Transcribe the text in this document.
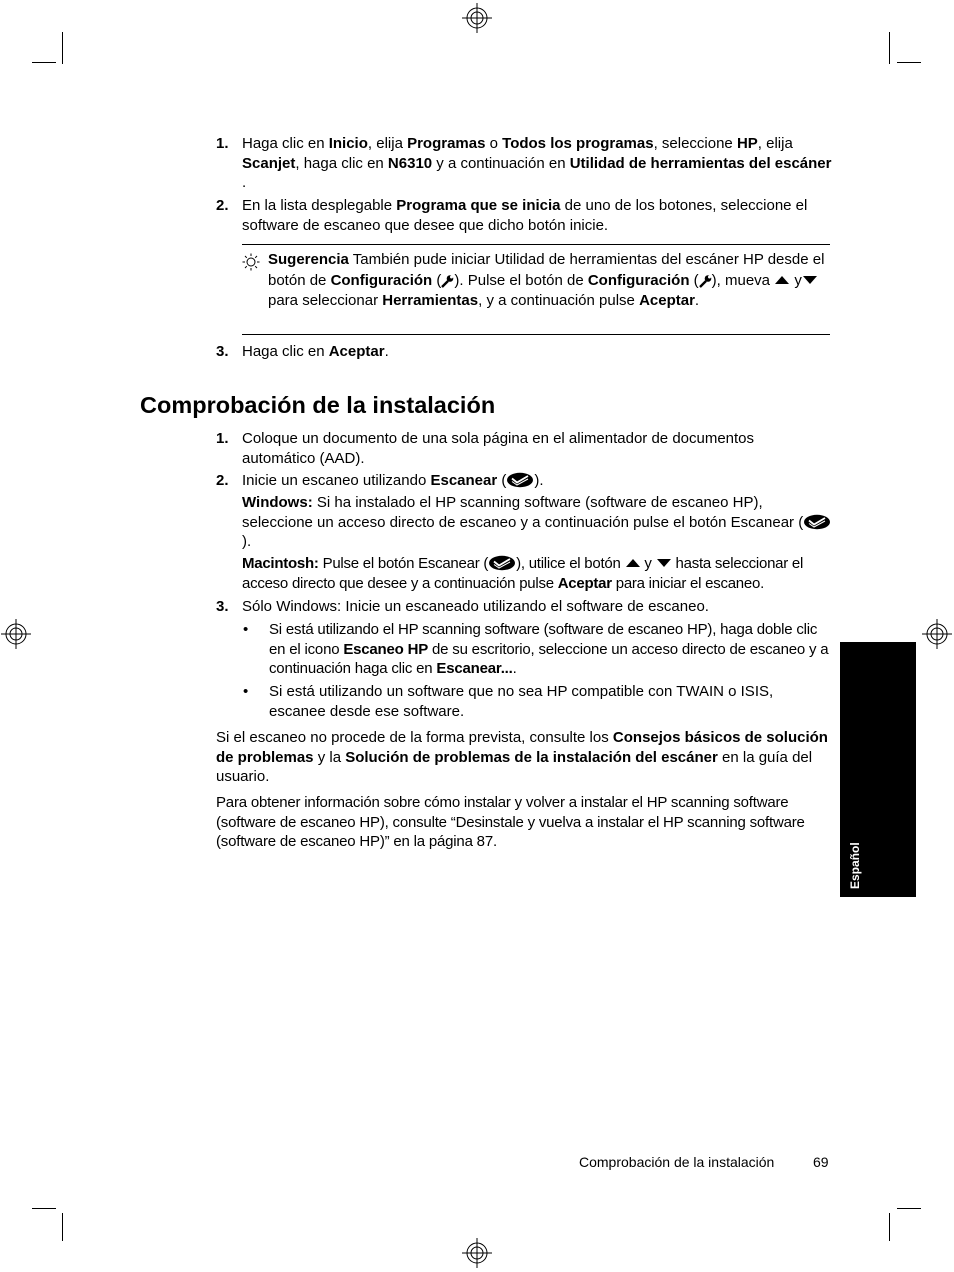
1. Haga clic en Inicio, elija Programas o Todos los programas, seleccione HP, elija Scanjet, haga clic en N6310 y a continuación en Utilidad de herramientas del escáner .
2. En la lista desplegable Programa que se inicia de uno de los botones, seleccione el software de escaneo que desee que dicho botón inicie.
Sugerencia También pude iniciar Utilidad de herramientas del escáner HP desde el botón de Configuración ( ). Pulse el botón de Configuración ( ), mueva  y para seleccionar Herramientas, y a continuación pulse Aceptar.
3. Haga clic en Aceptar.
Comprobación de la instalación
1. Coloque un documento de una sola página en el alimentador de documentos automático (AAD).
2. Inicie un escaneo utilizando Escanear ( ).
Windows: Si ha instalado el HP scanning software (software de escaneo HP), seleccione un acceso directo de escaneo y a continuación pulse el botón Escanear ().
Macintosh: Pulse el botón Escanear ( ), utilice el botón  y  hasta seleccionar el acceso directo que desee y a continuación pulse Aceptar para iniciar el escaneo.
3. Sólo Windows: Inicie un escaneado utilizando el software de escaneo.
• Si está utilizando el HP scanning software (software de escaneo HP), haga doble clic en el icono Escaneo HP de su escritorio, seleccione un acceso directo de escaneo y a continuación haga clic en Escanear....
• Si está utilizando un software que no sea HP compatible con TWAIN o ISIS, escanee desde ese software.
Si el escaneo no procede de la forma prevista, consulte los Consejos básicos de solución de problemas y la Solución de problemas de la instalación del escáner en la guía del usuario.
Para obtener información sobre cómo instalar y volver a instalar el HP scanning software (software de escaneo HP), consulte “Desinstale y vuelva a instalar el HP scanning software (software de escaneo HP)” en la página 87.
Español
Comprobación de la instalación	69
